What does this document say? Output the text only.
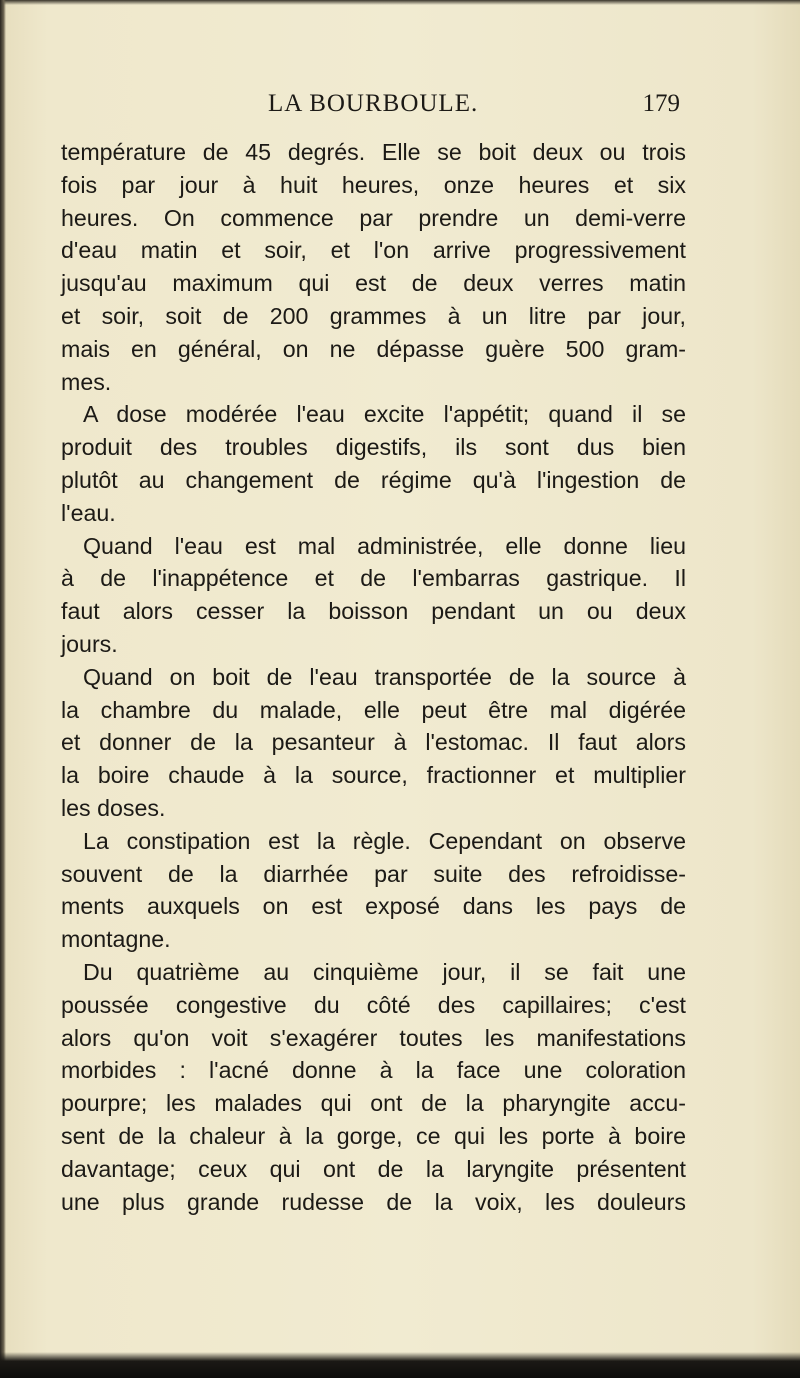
LA BOURBOULE.	179
température de 45 degrés. Elle se boit deux ou trois
fois par jour à huit heures, onze heures et six
heures. On commence par prendre un demi-verre
d'eau matin et soir, et l'on arrive progressivement
jusqu'au maximum qui est de deux verres matin
et soir, soit de 200 grammes à un litre par jour,
mais en général, on ne dépasse guère 500 gram-
mes.
A dose modérée l'eau excite l'appétit; quand il se
produit des troubles digestifs, ils sont dus bien
plutôt au changement de régime qu'à l'ingestion de
l'eau.
Quand l'eau est mal administrée, elle donne lieu
à de l'inappétence et de l'embarras gastrique. Il
faut alors cesser la boisson pendant un ou deux
jours.
Quand on boit de l'eau transportée de la source à
la chambre du malade, elle peut être mal digérée
et donner de la pesanteur à l'estomac. Il faut alors
la boire chaude à la source, fractionner et multiplier
les doses.
La constipation est la règle. Cependant on observe
souvent de la diarrhée par suite des refroidisse-
ments auxquels on est exposé dans les pays de
montagne.
Du quatrième au cinquième jour, il se fait une
poussée congestive du côté des capillaires; c'est
alors qu'on voit s'exagérer toutes les manifestations
morbides : l'acné donne à la face une coloration
pourpre; les malades qui ont de la pharyngite accu-
sent de la chaleur à la gorge, ce qui les porte à boire
davantage; ceux qui ont de la laryngite présentent
une plus grande rudesse de la voix, les douleurs
